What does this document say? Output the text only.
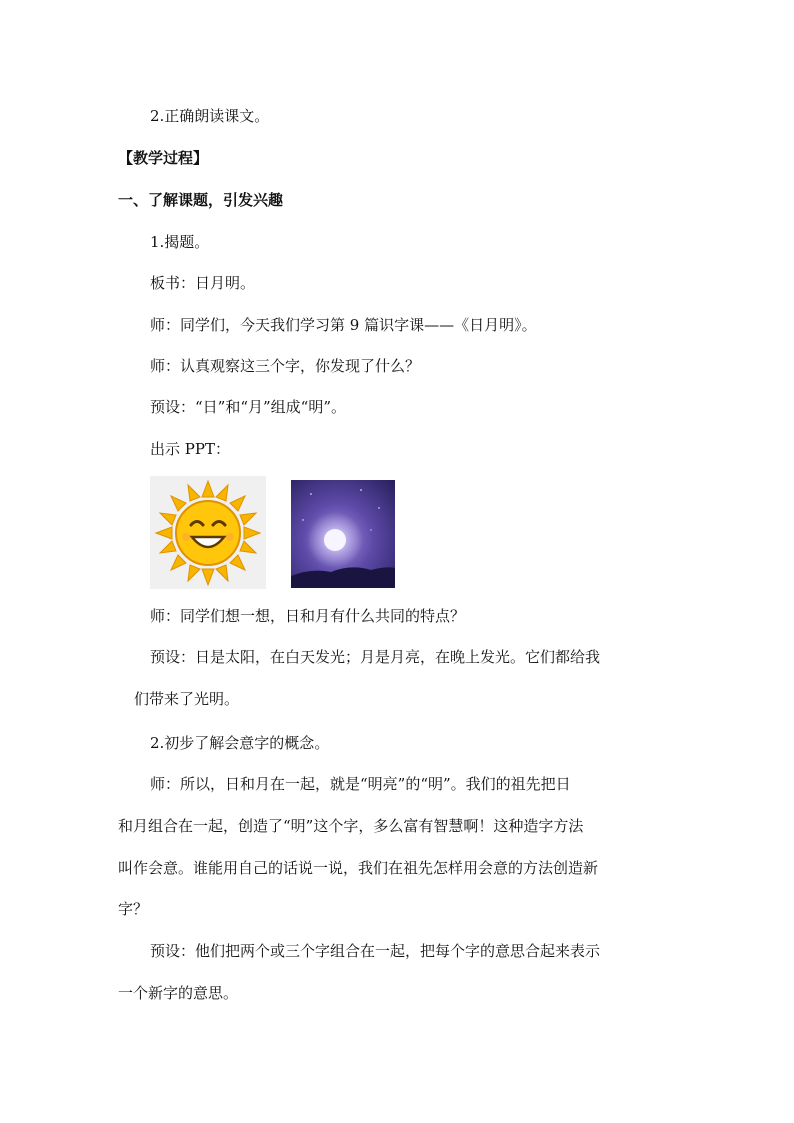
2.正确朗读课文。
【教学过程】
一、了解课题，引发兴趣
1.揭题。
板书：日月明。
师：同学们，今天我们学习第 9 篇识字课——《日月明》。
师：认真观察这三个字，你发现了什么？
预设：“日”和“月”组成“明”。
出示 PPT：
师：同学们想一想，日和月有什么共同的特点？
预设：日是太阳，在白天发光；月是月亮，在晚上发光。它们都给我
们带来了光明。
2.初步了解会意字的概念。
师：所以，日和月在一起，就是“明亮”的“明”。我们的祖先把日
和月组合在一起，创造了“明”这个字，多么富有智慧啊！这种造字方法
叫作会意。谁能用自己的话说一说，我们在祖先怎样用会意的方法创造新
字？
预设：他们把两个或三个字组合在一起，把每个字的意思合起来表示
一个新字的意思。
